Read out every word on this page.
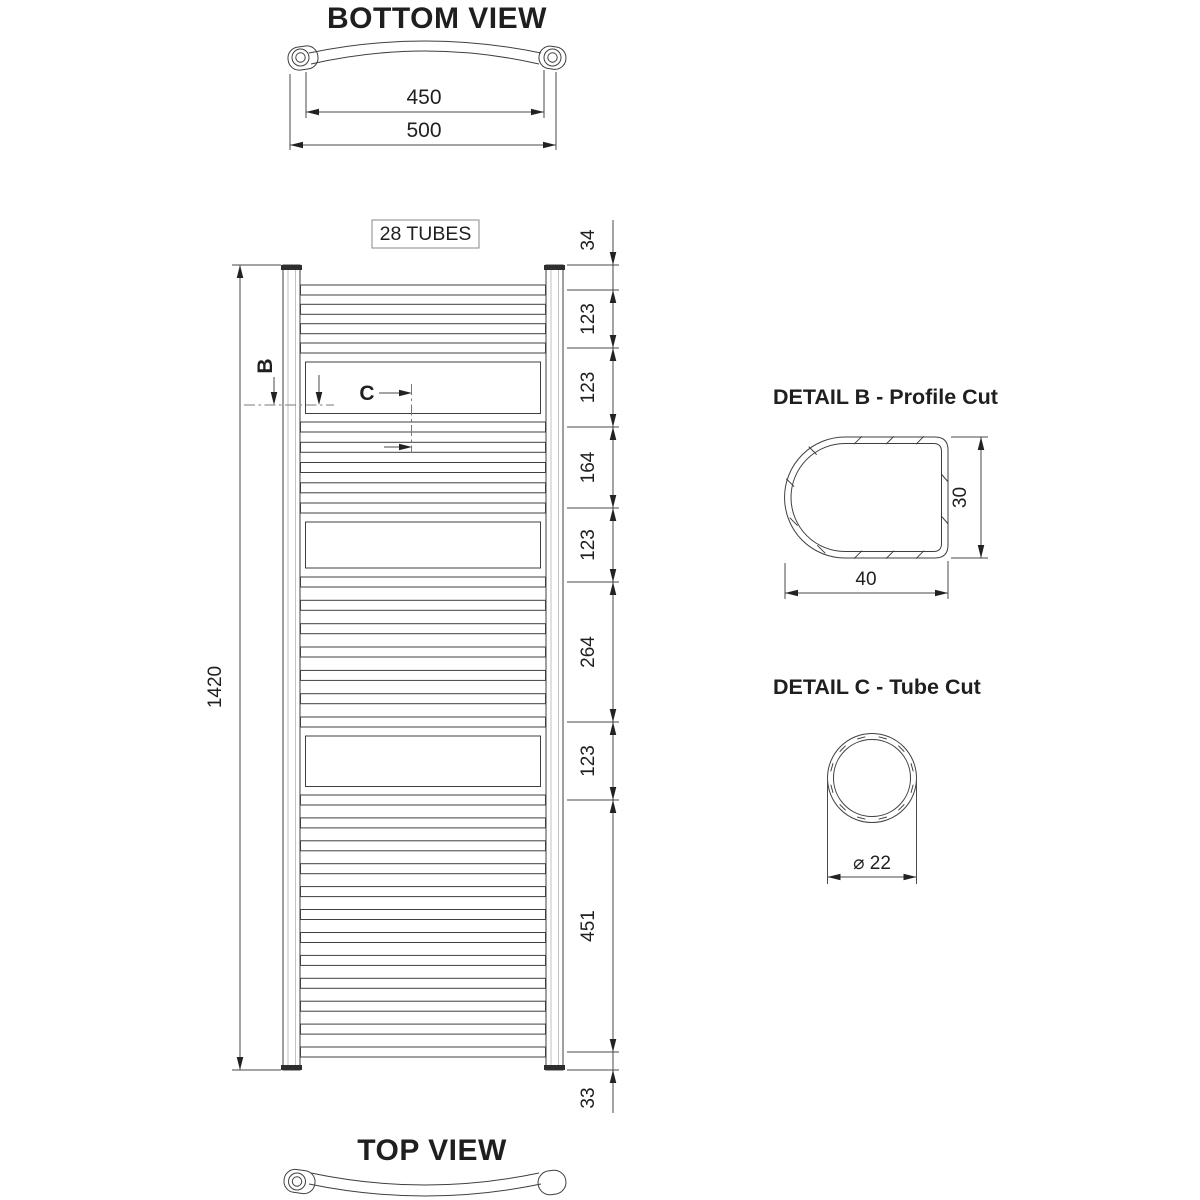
BOTTOM VIEW
450
500
28 TUBES
1420
B
C
34
123
123
164
123
264
123
451
33
DETAIL B - Profile Cut
30
40
DETAIL C - Tube Cut
⌀ 22
TOP VIEW
